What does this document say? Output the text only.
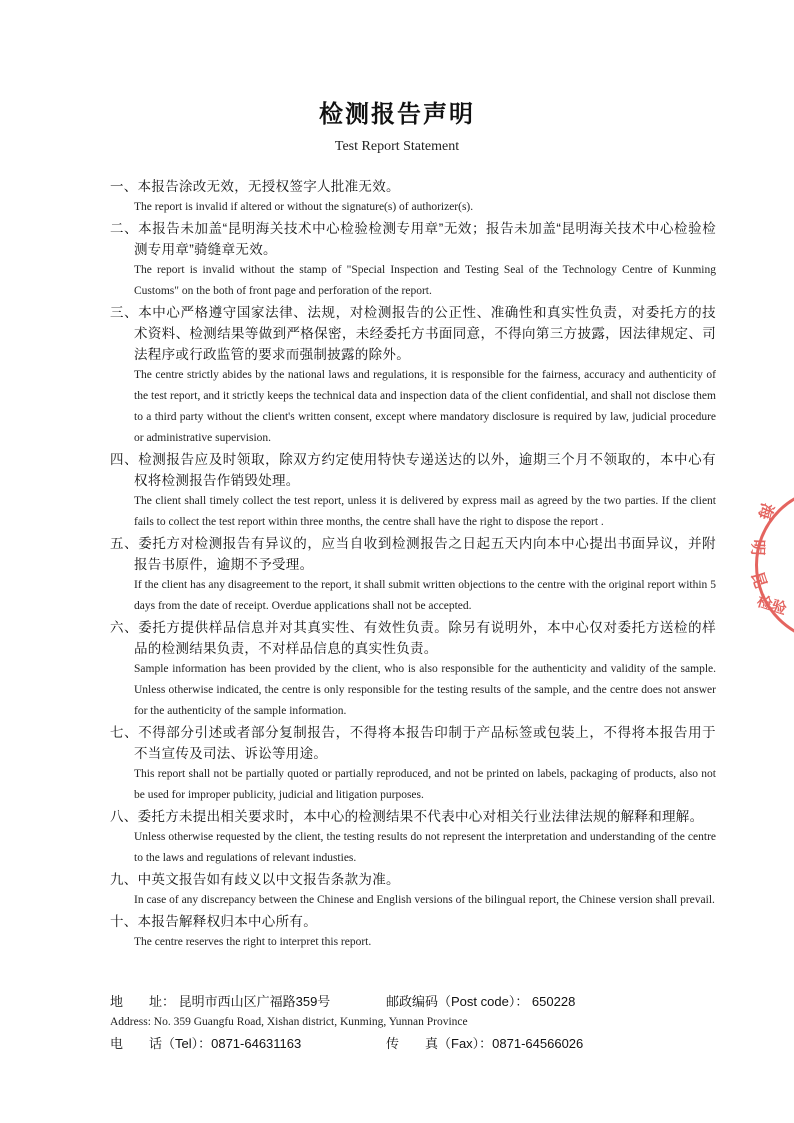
检测报告声明
Test Report Statement
一、本报告涂改无效，无授权签字人批准无效。
The report is invalid if altered or without the signature(s) of authorizer(s).
二、本报告未加盖“昆明海关技术中心检验检测专用章”无效；报告未加盖“昆明海关技术中心检验检测专用章”骑缝章无效。
The report is invalid without the stamp of "Special Inspection and Testing Seal of the Technology Centre of Kunming Customs" on the both of front page and perforation of the report.
三、本中心严格遵守国家法律、法规，对检测报告的公正性、准确性和真实性负责，对委托方的技术资料、检测结果等做到严格保密，未经委托方书面同意，不得向第三方披露，因法律规定、司法程序或行政监管的要求而强制披露的除外。
The centre strictly abides by the national laws and regulations, it is responsible for the fairness, accuracy and authenticity of the test report, and it strictly keeps the technical data and inspection data of the client confidential, and shall not disclose them to a third party without the client's written consent, except where mandatory disclosure is required by law, judicial procedure or administrative supervision.
四、检测报告应及时领取，除双方约定使用特快专递送达的以外，逾期三个月不领取的，本中心有权将检测报告作销毁处理。
The client shall timely collect the test report, unless it is delivered by express mail as agreed by the two parties. If the client fails to collect the test report within three months, the centre shall have the right to dispose the report .
五、委托方对检测报告有异议的，应当自收到检测报告之日起五天内向本中心提出书面异议，并附报告书原件，逾期不予受理。
If the client has any disagreement to the report, it shall submit written objections to the centre with the original report within 5 days from the date of receipt. Overdue applications shall not be accepted.
六、委托方提供样品信息并对其真实性、有效性负责。除另有说明外，本中心仅对委托方送检的样品的检测结果负责，不对样品信息的真实性负责。
Sample information has been provided by the client, who is also responsible for the authenticity and validity of the sample. Unless otherwise indicated, the centre is only responsible for the testing results of the sample, and the centre does not answer for the authenticity of the sample information.
七、不得部分引述或者部分复制报告，不得将本报告印制于产品标签或包装上，不得将本报告用于不当宣传及司法、诉讼等用途。
This report shall not be partially quoted or partially reproduced, and not be printed on labels, packaging of products, also not be used for improper publicity, judicial and litigation purposes.
八、委托方未提出相关要求时，本中心的检测结果不代表中心对相关行业法律法规的解释和理解。
Unless otherwise requested by the client, the testing results do not represent the interpretation and understanding of the centre to the laws and regulations of relevant industies.
九、中英文报告如有歧义以中文报告条款为准。
In case of any discrepancy between the Chinese and English versions of the bilingual report, the Chinese version shall prevail.
十、本报告解释权归本中心所有。
The centre reserves the right to interpret this report.
地　　址： 昆明市西山区广福路359号	邮政编码（Post code）： 650228
Address: No. 359 Guangfu Road, Xishan district, Kunming, Yunnan Province
电　　话（Tel）：0871-64631163	传　　真（Fax）：0871-64566026
海
明
昆
检验
